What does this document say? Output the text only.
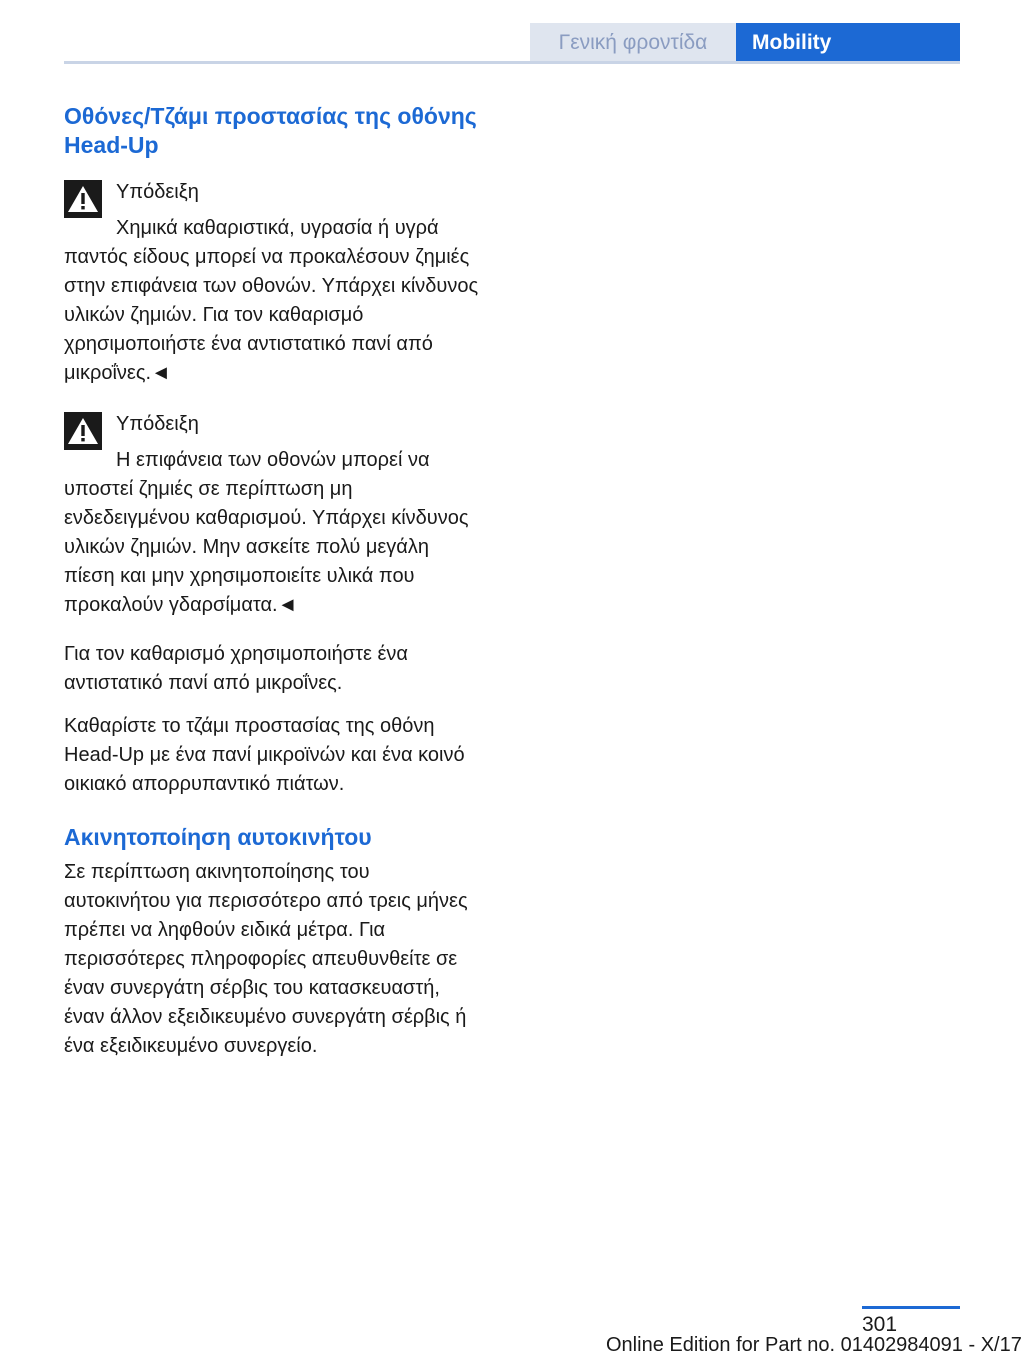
Γενική φροντίδα	Mobility
Οθόνες/Τζάμι προστασίας της οθόνης Head-Up
Υπόδειξη
Χημικά καθαριστικά, υγρασία ή υγρά παντός είδους μπορεί να προκαλέσουν ζημιές στην επιφάνεια των οθονών. Υπάρχει κίνδυνος υλικών ζημιών. Για τον καθαρισμό χρησιμοποιήστε ένα αντιστατικό πανί από μικροΐνες.◄
Υπόδειξη
Η επιφάνεια των οθονών μπορεί να υποστεί ζημιές σε περίπτωση μη ενδεδειγμένου καθαρισμού. Υπάρχει κίνδυνος υλικών ζημιών. Μην ασκείτε πολύ μεγάλη πίεση και μην χρησιμοποιείτε υλικά που προκαλούν γδαρσίματα.◄

Για τον καθαρισμό χρησιμοποιήστε ένα αντιστατικό πανί από μικροΐνες.

Καθαρίστε το τζάμι προστασίας της οθόνη Head-Up με ένα πανί μικροϊνών και ένα κοινό οικιακό απορρυπαντικό πιάτων.

Ακινητοποίηση αυτοκινήτου

Σε περίπτωση ακινητοποίησης του αυτοκινήτου για περισσότερο από τρεις μήνες πρέπει να ληφθούν ειδικά μέτρα. Για περισσότερες πληροφορίες απευθυνθείτε σε έναν συνεργάτη σέρβις του κατασκευαστή, έναν άλλον εξειδικευμένο συνεργάτη σέρβις ή ένα εξειδικευμένο συνεργείο.

301
Online Edition for Part no. 01402984091 - X/17
